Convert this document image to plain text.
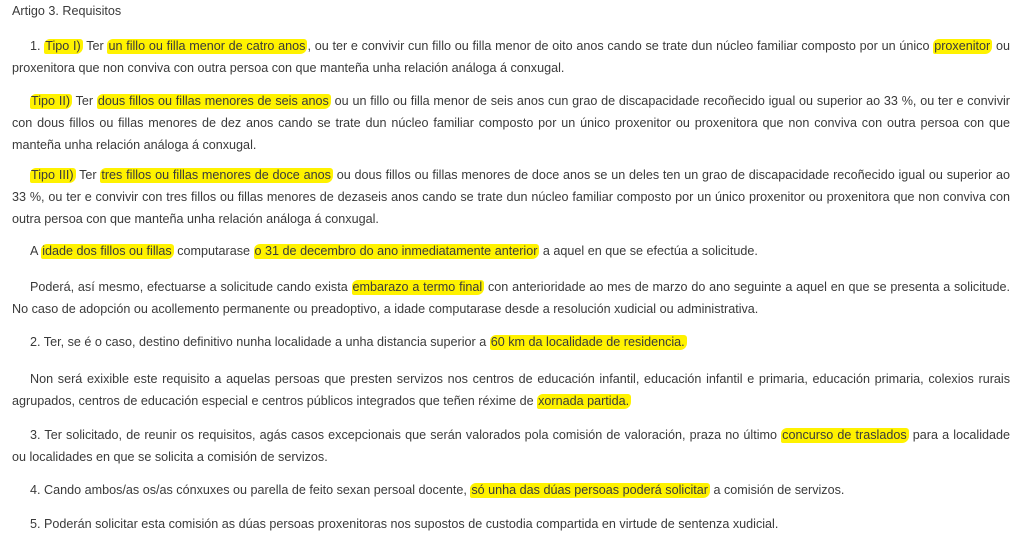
Artigo 3. Requisitos
1. Tipo I) Ter un fillo ou filla menor de catro anos , ou ter e convivir cun fillo ou filla menor de oito anos cando se trate dun núcleo familiar composto por un único proxenitor ou proxenitora que non conviva con outra persoa con que manteña unha relación análoga á conxugal.
Tipo II) Ter dous fillos ou fillas menores de seis anos ou un fillo ou filla menor de seis anos cun grao de discapacidade recoñecido igual ou superior ao 33 %, ou ter e convivir con dous fillos ou fillas menores de dez anos cando se trate dun núcleo familiar composto por un único proxenitor ou proxenitora que non conviva con outra persoa con que manteña unha relación análoga á conxugal.
Tipo III) Ter tres fillos ou fillas menores de doce anos ou dous fillos ou fillas menores de doce anos se un deles ten un grao de discapacidade recoñecido igual ou superior ao 33 %, ou ter e convivir con tres fillos ou fillas menores de dezaseis anos cando se trate dun núcleo familiar composto por un único proxenitor ou proxenitora que non conviva con outra persoa con que manteña unha relación análoga á conxugal.
A idade dos fillos ou fillas computarase o 31 de decembro do ano inmediatamente anterior a aquel en que se efectúa a solicitude.
Poderá, así mesmo, efectuarse a solicitude cando exista embarazo a termo final con anterioridade ao mes de marzo do ano seguinte a aquel en que se presenta a solicitude. No caso de adopción ou acollemento permanente ou preadoptivo, a idade computarase desde a resolución xudicial ou administrativa.
2. Ter, se é o caso, destino definitivo nunha localidade a unha distancia superior a 60 km da localidade de residencia.
Non será exixible este requisito a aquelas persoas que presten servizos nos centros de educación infantil, educación infantil e primaria, educación primaria, colexios rurais agrupados, centros de educación especial e centros públicos integrados que teñen réxime de xornada partida.
3. Ter solicitado, de reunir os requisitos, agás casos excepcionais que serán valorados pola comisión de valoración, praza no último concurso de traslados para a localidade ou localidades en que se solicita a comisión de servizos.
4. Cando ambos/as os/as cónxuxes ou parella de feito sexan persoal docente, só unha das dúas persoas poderá solicitar a comisión de servizos.
5. Poderán solicitar esta comisión as dúas persoas proxenitoras nos supostos de custodia compartida en virtude de sentenza xudicial.
